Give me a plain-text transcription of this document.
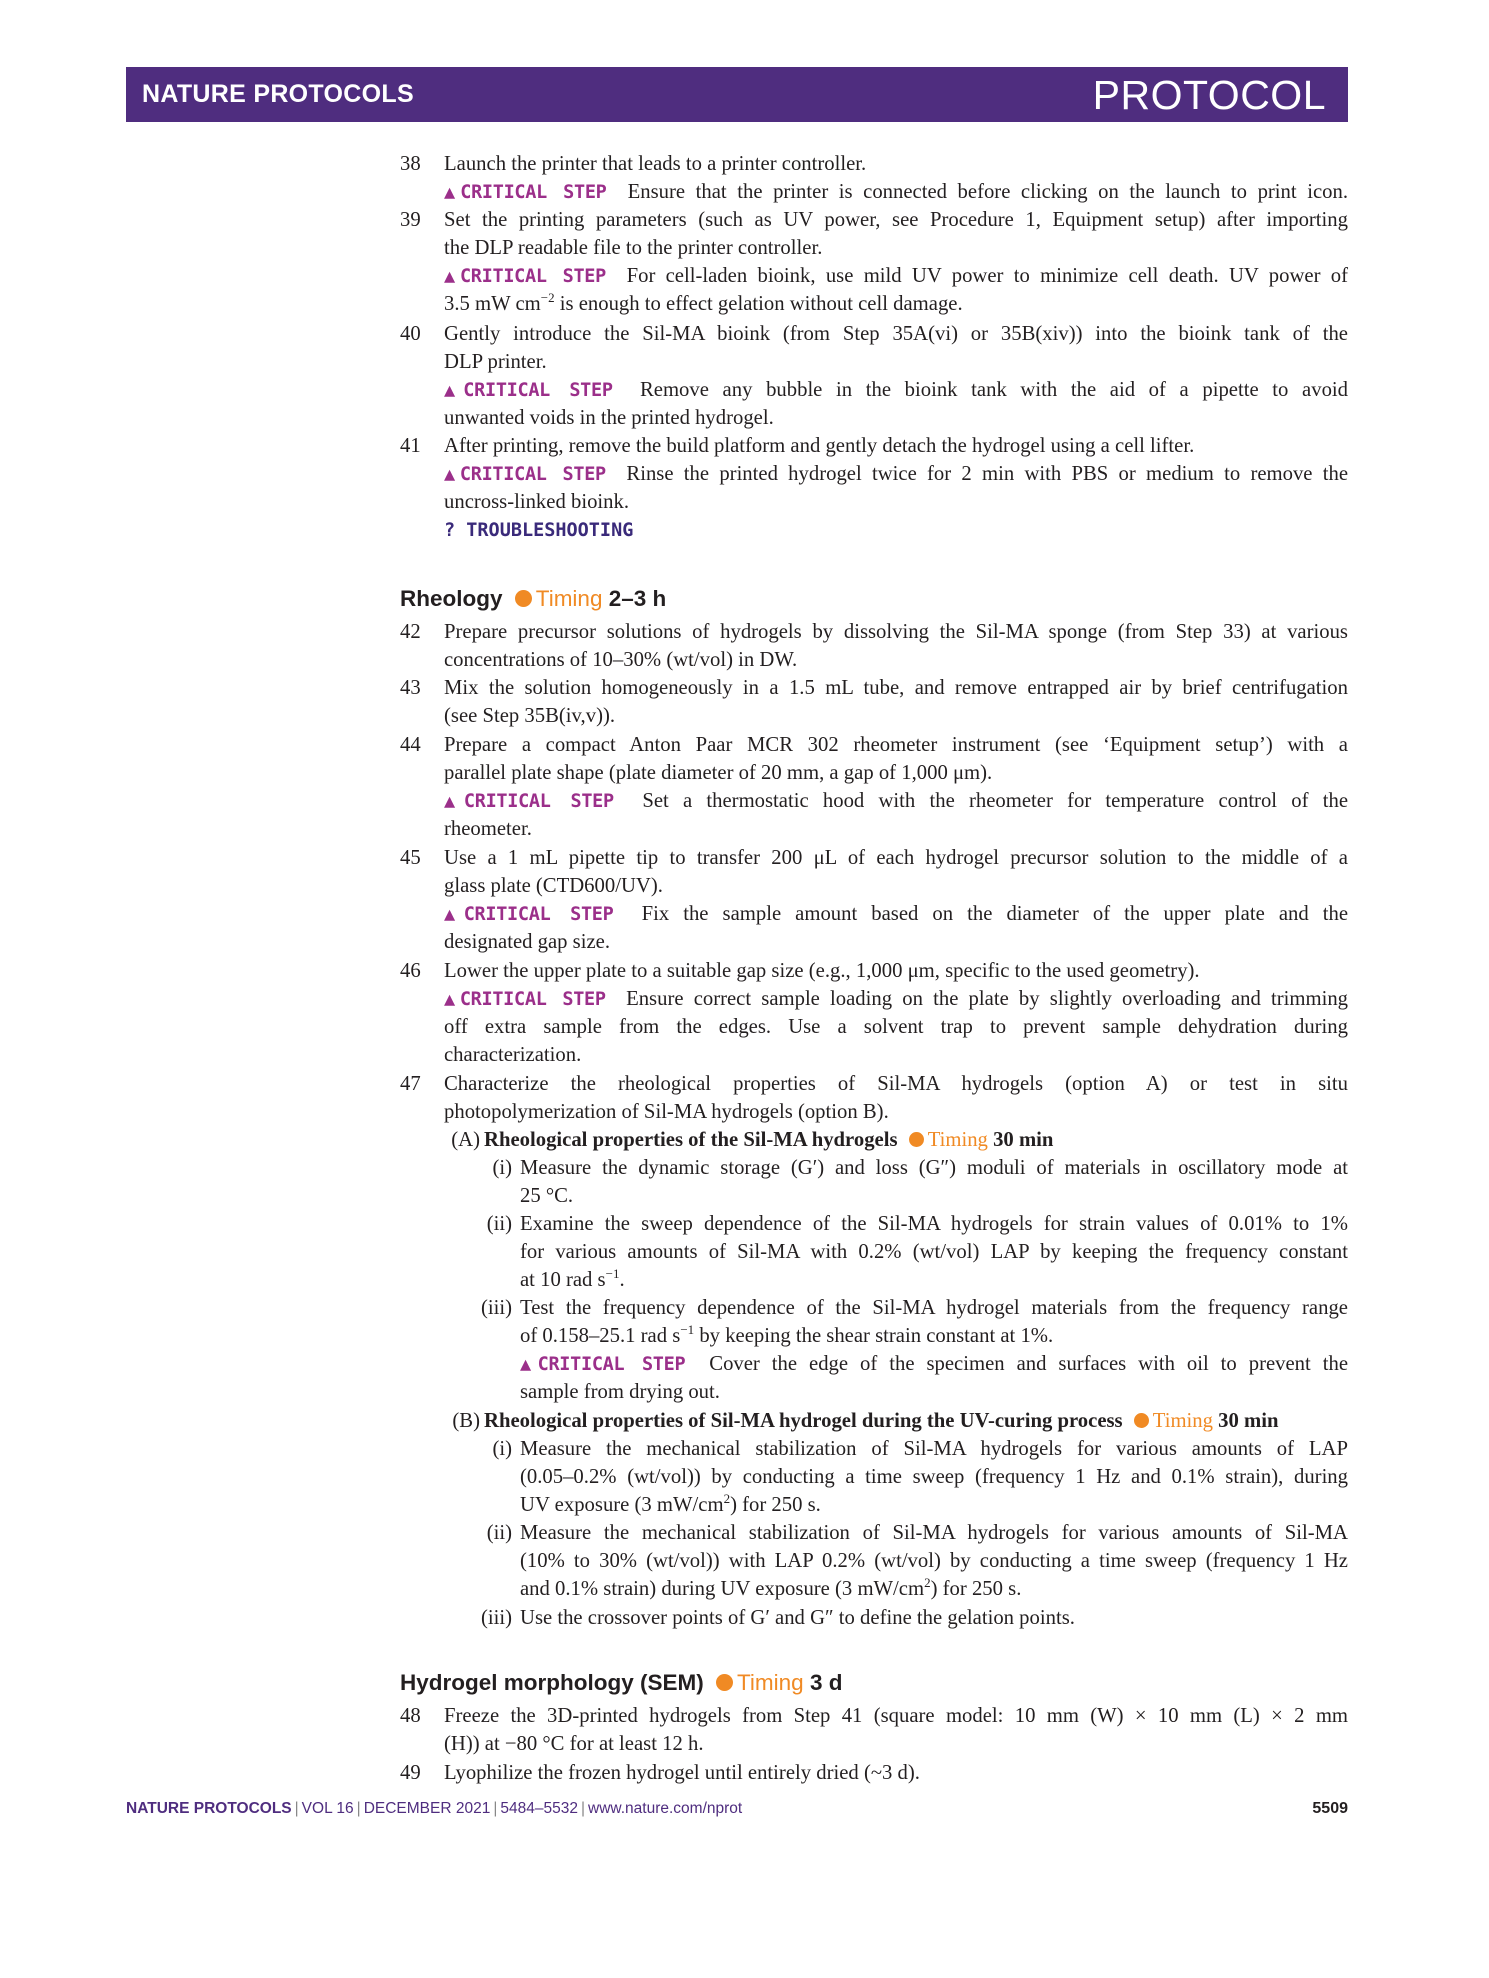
NATURE PROTOCOLS	PROTOCOL
38	Launch the printer that leads to a printer controller.
▲CRITICAL STEP Ensure that the printer is connected before clicking on the launch to print icon.
39	Set the printing parameters (such as UV power, see Procedure 1, Equipment setup) after importing
the DLP readable file to the printer controller.
▲CRITICAL STEP For cell-laden bioink, use mild UV power to minimize cell death. UV power of
3.5 mW $cm^{-2}$ is enough to effect gelation without cell damage.
40	Gently introduce the Sil-MA bioink (from Step 35A(vi) or 35B(xiv)) into the bioink tank of the
DLP printer.
▲CRITICAL STEP Remove any bubble in the bioink tank with the aid of a pipette to avoid
unwanted voids in the printed hydrogel.
41	After printing, remove the build platform and gently detach the hydrogel using a cell lifter.
▲CRITICAL STEP Rinse the printed hydrogel twice for 2 min with PBS or medium to remove the
uncross-linked bioink.
? TROUBLESHOOTING
Rheology Timing 2–3 h
42	Prepare precursor solutions of hydrogels by dissolving the Sil-MA sponge (from Step 33) at various
concentrations of 10–30% (wt/vol) in DW.
43	Mix the solution homogeneously in a 1.5 mL tube, and remove entrapped air by brief centrifugation
(see Step 35B(iv,v)).
44	Prepare a compact Anton Paar MCR 302 rheometer instrument (see ‘Equipment setup’) with a
parallel plate shape (plate diameter of 20 mm, a gap of 1,000 μm).
▲CRITICAL STEP Set a thermostatic hood with the rheometer for temperature control of the
rheometer.
45	Use a 1 mL pipette tip to transfer 200 μL of each hydrogel precursor solution to the middle of a
glass plate (CTD600/UV).
▲CRITICAL STEP Fix the sample amount based on the diameter of the upper plate and the
designated gap size.
46	Lower the upper plate to a suitable gap size (e.g., 1,000 μm, specific to the used geometry).
▲CRITICAL STEP Ensure correct sample loading on the plate by slightly overloading and trimming
off extra sample from the edges. Use a solvent trap to prevent sample dehydration during
characterization.
47	Characterize the rheological properties of Sil-MA hydrogels (option A) or test in situ
photopolymerization of Sil-MA hydrogels (option B).
(A) Rheological properties of the Sil-MA hydrogels Timing 30 min
(i) Measure the dynamic storage (G′) and loss (G″) moduli of materials in oscillatory mode at
25 °C.
(ii) Examine the sweep dependence of the Sil-MA hydrogels for strain values of 0.01% to 1%
for various amounts of Sil-MA with 0.2% (wt/vol) LAP by keeping the frequency constant
at 10 rad $s^{-1}$.
(iii) Test the frequency dependence of the Sil-MA hydrogel materials from the frequency range
of 0.158–25.1 rad $s^{-1}$ by keeping the shear strain constant at 1%.
▲CRITICAL STEP Cover the edge of the specimen and surfaces with oil to prevent the
sample from drying out.
(B) Rheological properties of Sil-MA hydrogel during the UV-curing process Timing 30 min
(i) Measure the mechanical stabilization of Sil-MA hydrogels for various amounts of LAP
(0.05–0.2% (wt/vol)) by conducting a time sweep (frequency 1 Hz and 0.1% strain), during
UV exposure (3 $mW/cm^2$) for 250 s.
(ii) Measure the mechanical stabilization of Sil-MA hydrogels for various amounts of Sil-MA
(10% to 30% (wt/vol)) with LAP 0.2% (wt/vol) by conducting a time sweep (frequency 1 Hz
and 0.1% strain) during UV exposure (3 $mW/cm^2$) for 250 s.
(iii) Use the crossover points of G′ and G″ to define the gelation points.
Hydrogel morphology (SEM) Timing 3 d
48	Freeze the 3D-printed hydrogels from Step 41 (square model: 10 mm (W) × 10 mm (L) × 2 mm
(H)) at −80 °C for at least 12 h.
49	Lyophilize the frozen hydrogel until entirely dried (~3 d).
NATURE PROTOCOLS | VOL 16 | DECEMBER 2021 | 5484–5532 | www.nature.com/nprot	5509
